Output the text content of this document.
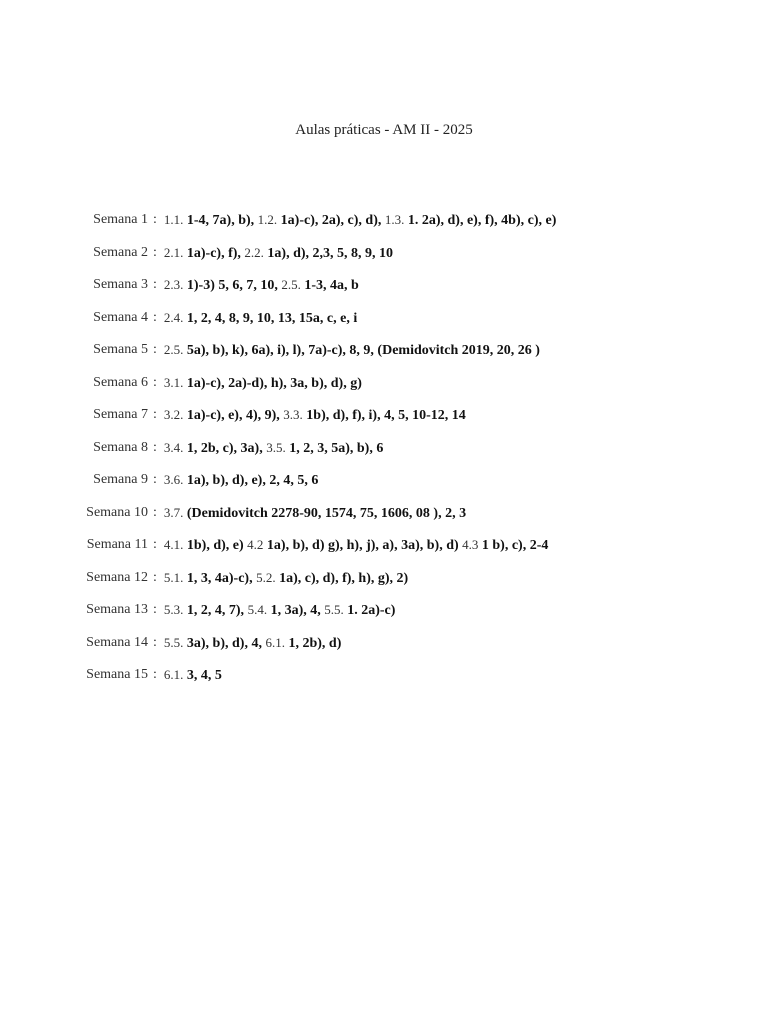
Aulas práticas - AM II - 2025
Semana 1 : 1.1. 1-4, 7a), b), 1.2. 1a)-c), 2a), c), d), 1.3. 1. 2a), d), e), f), 4b), c), e)
Semana 2 : 2.1. 1a)-c), f), 2.2. 1a), d), 2,3, 5, 8, 9, 10
Semana 3 : 2.3. 1)-3) 5, 6, 7, 10, 2.5. 1-3, 4a, b
Semana 4 : 2.4. 1, 2, 4, 8, 9, 10, 13, 15a, c, e, i
Semana 5 : 2.5. 5a), b), k), 6a), i), l), 7a)-c), 8, 9, (Demidovitch 2019, 20, 26 )
Semana 6 : 3.1. 1a)-c), 2a)-d), h), 3a, b), d), g)
Semana 7 : 3.2. 1a)-c), e), 4), 9), 3.3. 1b), d), f), i), 4, 5, 10-12, 14
Semana 8 : 3.4. 1, 2b, c), 3a), 3.5. 1, 2, 3, 5a), b), 6
Semana 9 : 3.6. 1a), b), d), e), 2, 4, 5, 6
Semana 10 : 3.7. (Demidovitch 2278-90, 1574, 75, 1606, 08 ), 2, 3
Semana 11 : 4.1. 1b), d), e) 4.2 1a), b), d) g), h), j), a), 3a), b), d) 4.3 1 b), c), 2-4
Semana 12 : 5.1. 1, 3, 4a)-c), 5.2. 1a), c), d), f), h), g), 2)
Semana 13 : 5.3. 1, 2, 4, 7), 5.4. 1, 3a), 4, 5.5. 1. 2a)-c)
Semana 14 : 5.5. 3a), b), d), 4, 6.1. 1, 2b), d)
Semana 15 : 6.1. 3, 4, 5
